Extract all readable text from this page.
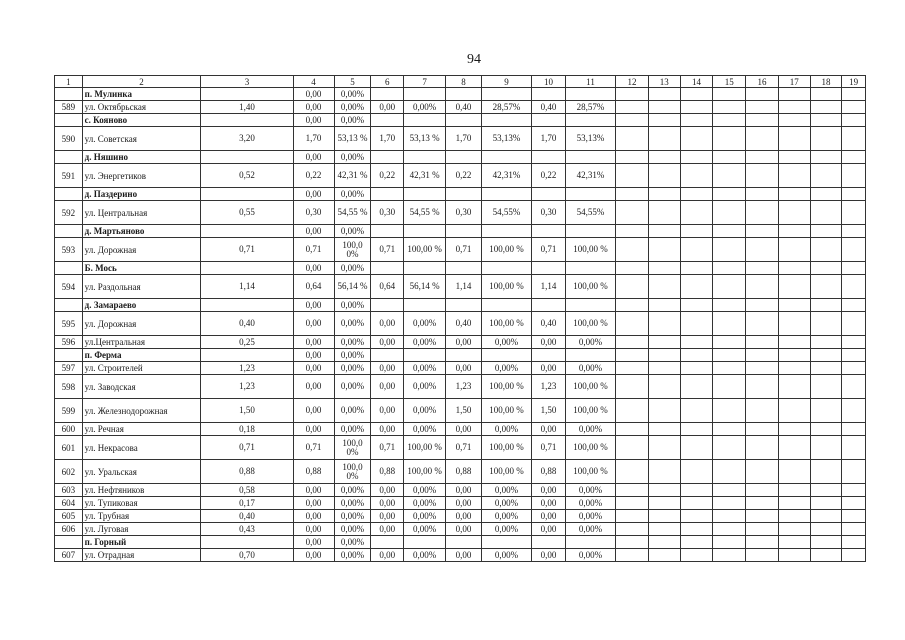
94
1	2	3	4	5	6	7	8	9	10	11	12	13	14	15	16	17	18	19
	п. Мулинка		0,00	0,00%														
589	ул. Октябрьская	1,40	0,00	0,00%	0,00	0,00%	0,40	28,57%	0,40	28,57%								
	с. Кояново		0,00	0,00%														
590	ул. Советская	3,20	1,70	53,13 %	1,70	53,13 %	1,70	53,13%	1,70	53,13%								
	д. Няшино		0,00	0,00%														
591	ул. Энергетиков	0,52	0,22	42,31 %	0,22	42,31 %	0,22	42,31%	0,22	42,31%								
	д. Паздерино		0,00	0,00%														
592	ул. Центральная	0,55	0,30	54,55 %	0,30	54,55 %	0,30	54,55%	0,30	54,55%								
	д. Мартьяново		0,00	0,00%														
593	ул. Дорожная	0,71	0,71	100,0 0%	0,71	100,00 %	0,71	100,00 %	0,71	100,00 %								
	Б. Мось		0,00	0,00%														
594	ул. Раздольная	1,14	0,64	56,14 %	0,64	56,14 %	1,14	100,00 %	1,14	100,00 %								
	д. Замараево		0,00	0,00%														
595	ул. Дорожная	0,40	0,00	0,00%	0,00	0,00%	0,40	100,00 %	0,40	100,00 %								
596	ул.Центральная	0,25	0,00	0,00%	0,00	0,00%	0,00	0,00%	0,00	0,00%								
	п. Ферма		0,00	0,00%														
597	ул. Строителей	1,23	0,00	0,00%	0,00	0,00%	0,00	0,00%	0,00	0,00%								
598	ул. Заводская	1,23	0,00	0,00%	0,00	0,00%	1,23	100,00 %	1,23	100,00 %								
599	ул. Железнодорожная	1,50	0,00	0,00%	0,00	0,00%	1,50	100,00 %	1,50	100,00 %								
600	ул. Речная	0,18	0,00	0,00%	0,00	0,00%	0,00	0,00%	0,00	0,00%								
601	ул. Некрасова	0,71	0,71	100,0 0%	0,71	100,00 %	0,71	100,00 %	0,71	100,00 %								
602	ул. Уральская	0,88	0,88	100,0 0%	0,88	100,00 %	0,88	100,00 %	0,88	100,00 %								
603	ул. Нефтяников	0,58	0,00	0,00%	0,00	0,00%	0,00	0,00%	0,00	0,00%								
604	ул. Тупиковая	0,17	0,00	0,00%	0,00	0,00%	0,00	0,00%	0,00	0,00%								
605	ул. Трубная	0,40	0,00	0,00%	0,00	0,00%	0,00	0,00%	0,00	0,00%								
606	ул. Луговая	0,43	0,00	0,00%	0,00	0,00%	0,00	0,00%	0,00	0,00%								
	п. Горный		0,00	0,00%														
607	ул. Отрадная	0,70	0,00	0,00%	0,00	0,00%	0,00	0,00%	0,00	0,00%								
